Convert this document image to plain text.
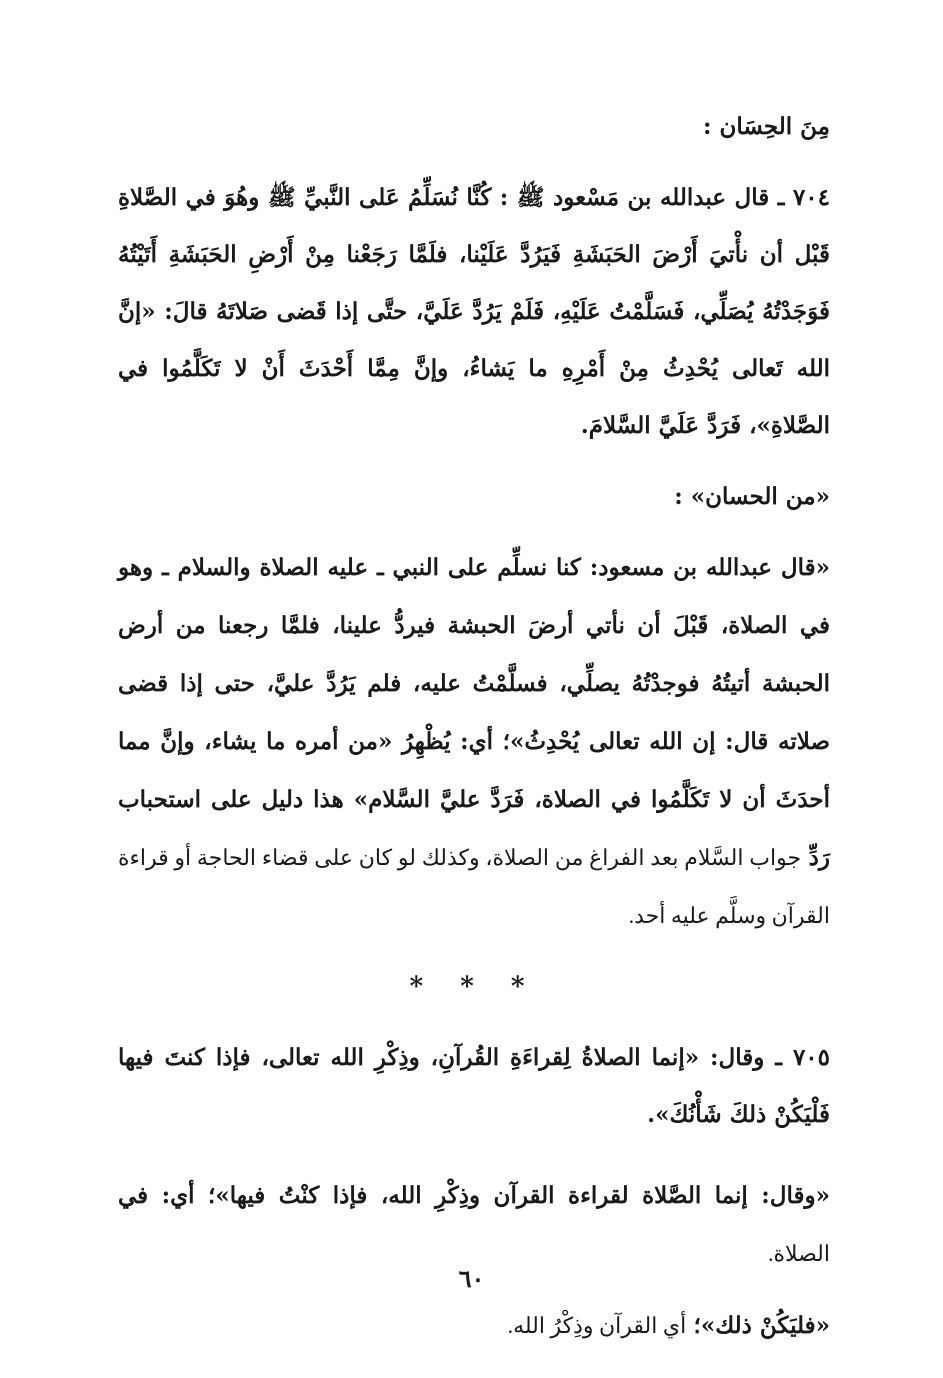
مِنَ الحِسَان :

٧٠٤ ـ قال عبدالله بن مَسْعود ﷺ : كُنَّا نُسَلِّمُ عَلى النَّبيِّ ﷺ وهُوَ في الصَّلاةِ قَبْل أن نأْتيَ أَرْضَ الحَبَشَةِ فَيَرُدَّ عَلَيْنا، فلَمَّا رَجَعْنا مِنْ أَرْضِ الحَبَشَةِ أَتَيْتُهُ فَوَجَدْتُهُ يُصَلِّي، فَسَلَّمْتُ عَلَيْهِ، فَلَمْ يَرُدَّ عَلَيَّ، حتَّى إذا قَضى صَلاتَهُ قالَ: «إنَّ الله تَعالى يُحْدِثُ مِنْ أَمْرِهِ ما يَشاءُ، وإنَّ مِمَّا أَحْدَثَ أَنْ لا تَكَلَّمُوا في الصَّلاةِ»، فَرَدَّ عَلَيَّ السَّلامَ.

«من الحسان» :

«قال عبدالله بن مسعود: كنا نسلِّم على النبي ـ عليه الصلاة والسلام ـ وهو في الصلاة، قَبْلَ أن نأتي أرضَ الحبشة فيردُّ علينا، فلمَّا رجعنا من أرض الحبشة أتيتُهُ فوجدْتُهُ يصلِّي، فسلَّمْتُ عليه، فلم يَرُدَّ عليَّ، حتى إذا قضى صلاته قال: إن الله تعالى يُحْدِثُ»؛ أي: يُظْهِرُ «من أمره ما يشاء، وإنَّ مما أحدَثَ أن لا تَكَلَّمُوا في الصلاة، فَرَدَّ عليَّ السَّلام» هذا دليل على استحباب رَدِّ جواب السَّلام بعد الفراغ من الصلاة، وكذلك لو كان على قضاء الحاجة أو قراءة القرآن وسلَّم عليه أحد.

* * *

٧٠٥ ـ وقال: «إنما الصلاةُ لِقراءَةِ القُرآنِ، وذِكْرِ الله تعالى، فإذا كنتَ فيها فَلْيَكُنْ ذلكَ شَأْنُكَ».

«وقال: إنما الصَّلاة لقراءة القرآن وذِكْرِ الله، فإذا كنْتُ فيها»؛ أي: في الصلاة.

«فليَكُنْ ذلك»؛ أي القرآن وذِكْرُ الله.

٦٠
